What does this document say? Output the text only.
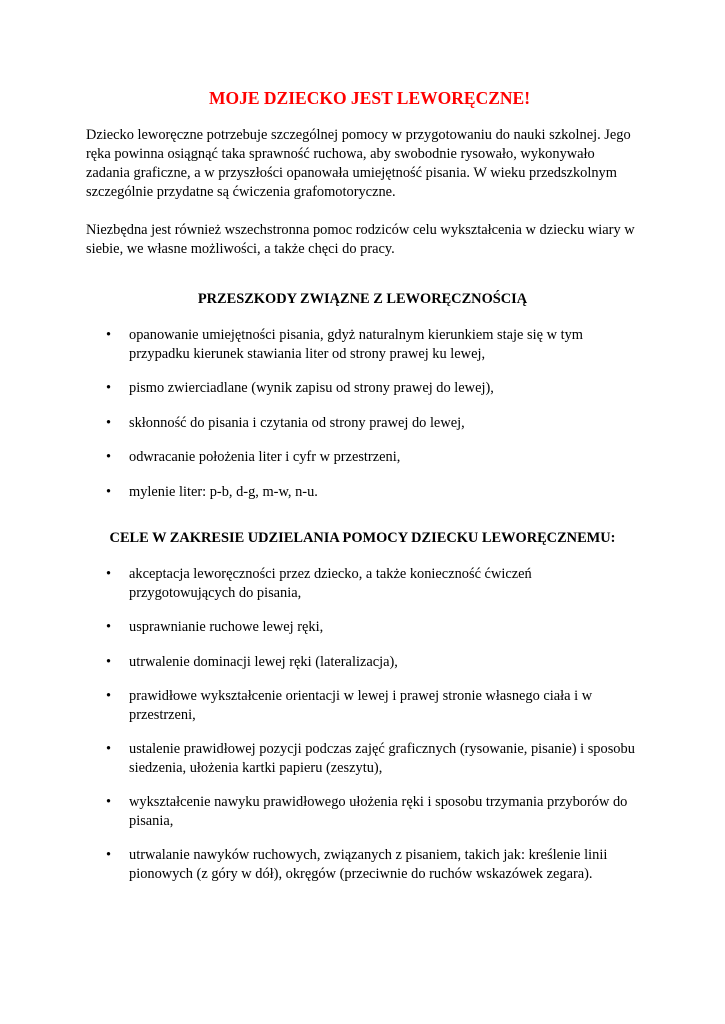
MOJE DZIECKO JEST LEWORĘCZNE!

Dziecko leworęczne potrzebuje szczególnej pomocy w przygotowaniu do nauki szkolnej. Jego ręka powinna osiągnąć taka sprawność ruchowa, aby swobodnie rysowało, wykonywało zadania graficzne, a w przyszłości opanowała umiejętność pisania. W wieku przedszkolnym szczególnie przydatne są ćwiczenia grafomotoryczne.

Niezbędna jest również wszechstronna pomoc rodziców celu wykształcenia w dziecku wiary w siebie, we własne możliwości, a także chęci do pracy.

PRZESZKODY ZWIĄZNE Z LEWORĘCZNOŚCIĄ
• opanowanie umiejętności pisania, gdyż naturalnym kierunkiem staje się w tym przypadku kierunek stawiania liter od strony prawej ku lewej,
• pismo zwierciadlane (wynik zapisu od strony prawej do lewej),
• skłonność do pisania i czytania od strony prawej do lewej,
• odwracanie położenia liter i cyfr w przestrzeni,
• mylenie liter: p-b, d-g, m-w, n-u.
CELE W ZAKRESIE UDZIELANIA POMOCY DZIECKU LEWORĘCZNEMU:
• akceptacja leworęczności przez dziecko, a także konieczność ćwiczeń przygotowujących do pisania,
• usprawnianie ruchowe lewej ręki,
• utrwalenie dominacji lewej ręki (lateralizacja),
• prawidłowe wykształcenie orientacji w lewej i prawej stronie własnego ciała i w przestrzeni,
• ustalenie prawidłowej pozycji podczas zajęć graficznych (rysowanie, pisanie) i sposobu siedzenia, ułożenia kartki papieru (zeszytu),
• wykształcenie nawyku prawidłowego ułożenia ręki i sposobu trzymania przyborów do pisania,
• utrwalanie nawyków ruchowych, związanych z pisaniem, takich jak: kreślenie linii pionowych (z góry w dół), okręgów (przeciwnie do ruchów wskazówek zegara).
